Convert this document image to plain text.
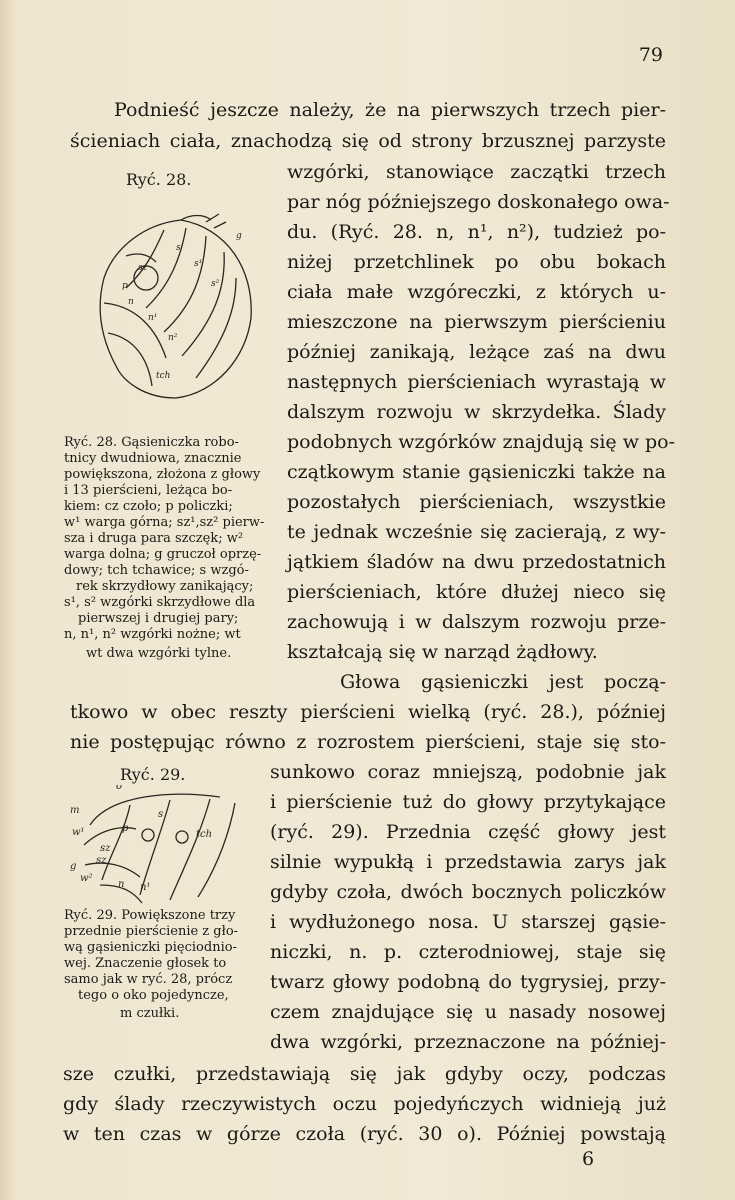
79
Podnieść jeszcze należy, że na pierwszych trzech pier-
ścieniach ciała, znachodzą się od strony brzusznej parzyste
Ryć. 28.
sz
s
s¹
s²
n
n¹
n²
tch
p
g
wzgórki, stanowiące zaczątki trzech
par nóg późniejszego doskonałego owa-
du. (Ryć. 28. n, n¹, n²), tudzież po-
niżej przetchlinek po obu bokach
ciała małe wzgóreczki, z których u-
mieszczone na pierwszym pierścieniu
później zanikają, leżące zaś na dwu
następnych pierścieniach wyrastają w
dalszym rozwoju w skrzydełka. Ślady
podobnych wzgórków znajdują się w po-
czątkowym stanie gąsieniczki także na
pozostałych pierścieniach, wszystkie
te jednak wcześnie się zacierają, z wy-
jątkiem śladów na dwu przedostatnich
pierścieniach, które dłużej nieco się
zachowują i w dalszym rozwoju prze-
kształcają się w narząd żądłowy.
Głowa gąsieniczki jest począ-
Ryć. 28. Gąsieniczka robo-
tnicy dwudniowa, znacznie
powiększona, złożona z głowy
i 13 pierścieni, leżąca bo-
kiem: cz czoło; p policzki;
w¹ warga górna; sz¹,sz² pierw-
sza i druga para szczęk; w²
warga dolna; g gruczoł oprzę-
dowy; tch tchawice; s wzgó-
rek skrzydłowy zanikający;
s¹, s² wzgórki skrzydłowe dla
pierwszej i drugiej pary;
n, n¹, n² wzgórki nożne; wt
wt dwa wzgórki tylne.
tkowo w obec reszty pierścieni wielką (ryć. 28.), później
nie postępując równo z rozrostem pierścieni, staje się sto-
Ryć. 29.
o
m
p
s
w¹
sz
sz
g
tch
n n¹
w²
sunkowo coraz mniejszą, podobnie jak
i pierścienie tuż do głowy przytykające
(ryć. 29). Przednia część głowy jest
silnie wypukłą i przedstawia zarys jak
gdyby czoła, dwóch bocznych policzków
i wydłużonego nosa. U starszej gąsie-
niczki, n. p. czterodniowej, staje się
twarz głowy podobną do tygrysiej, przy-
czem znajdujące się u nasady nosowej
dwa wzgórki, przeznaczone na później-
Ryć. 29. Powiększone trzy
przednie pierścienie z gło-
wą gąsieniczki pięciodnio-
wej. Znaczenie głosek to
samo jak w ryć. 28, prócz
tego o oko pojedyncze,
m czułki.
sze czułki, przedstawiają się jak gdyby oczy, podczas
gdy ślady rzeczywistych oczu pojedyńczych widnieją już
w ten czas w górze czoła (ryć. 30 o). Później powstają
6
